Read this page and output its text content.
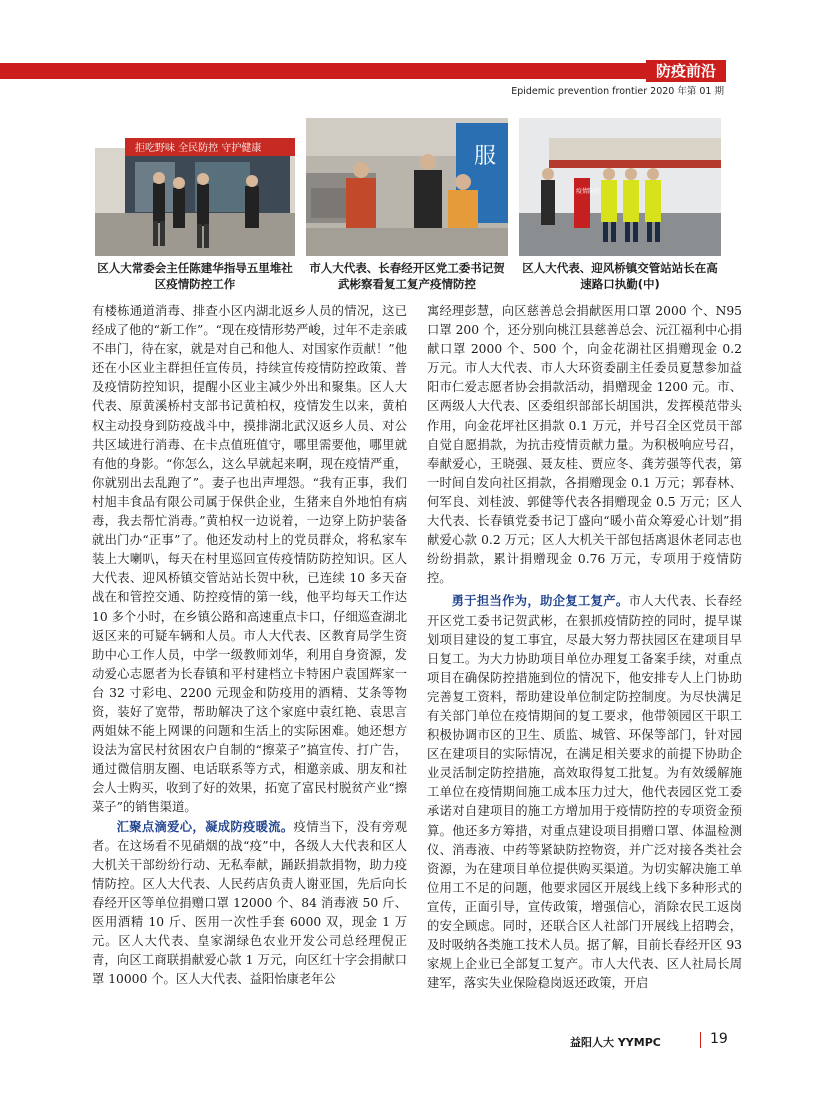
防疫前沿
Epidemic prevention frontier 2020 年第 01 期
拒吃野味 全民防控 守护健康
区人大常委会主任陈建华指导五里堆社区疫情防控工作
服
市人大代表、长春经开区党工委书记贺武彬察看复工复产疫情防控
疫情防控
区人大代表、迎风桥镇交管站站长在高速路口执勤(中)

有楼栋通道消毒、排查小区内湖北返乡人员的情况，这已经成了他的“新工作”。“现在疫情形势严峻，过年不走亲戚不串门，待在家，就是对自己和他人、对国家作贡献！”他还在小区业主群担任宣传员，持续宣传疫情防控政策、普及疫情防控知识，提醒小区业主减少外出和聚集。区人大代表、原黄溪桥村支部书记黄柏权，疫情发生以来，黄柏权主动投身到防疫战斗中，摸排湖北武汉返乡人员、对公共区域进行消毒、在卡点值班值守，哪里需要他，哪里就有他的身影。“你怎么，这么早就起来啊，现在疫情严重，你就别出去乱跑了”。妻子也出声埋怨。“我有正事，我们村旭丰食品有限公司属于保供企业，生猪来自外地怕有病毒，我去帮忙消毒。”黄柏权一边说着，一边穿上防护装备就出门办“正事”了。他还发动村上的党员群众，将私家车装上大喇叭，每天在村里巡回宣传疫情防防控知识。区人大代表、迎风桥镇交管站站长贺中秋，已连续 10 多天奋战在和管控交通、防控疫情的第一线，他平均每天工作达 10 多个小时，在乡镇公路和高速重点卡口，仔细巡查湖北返区来的可疑车辆和人员。市人大代表、区教育局学生资助中心工作人员，中学一级教师刘华，利用自身资源，发动爱心志愿者为长春镇和平村建档立卡特困户袁国辉家一台 32 寸彩电、2200 元现金和防疫用的酒精、艾条等物资，装好了宽带，帮助解决了这个家庭中袁红艳、袁思言两姐妹不能上网课的问题和生活上的实际困难。她还想方设法为富民村贫困农户自制的“擦菜子”搞宣传、打广告，通过微信朋友圈、电话联系等方式，相邀亲戚、朋友和社会人士购买，收到了好的效果，拓宽了富民村脱贫产业“擦菜子”的销售渠道。

汇聚点滴爱心，凝成防疫暖流。疫情当下，没有旁观者。在这场看不见硝烟的战“疫”中，各级人大代表和区人大机关干部纷纷行动、无私奉献，踊跃捐款捐物，助力疫情防控。区人大代表、人民药店负责人谢亚国，先后向长春经开区等单位捐赠口罩 12000 个、84 消毒液 50 斤、医用酒精 10 斤、医用一次性手套 6000 双，现金 1 万元。区人大代表、皇家湖绿色农业开发公司总经理倪正青，向区工商联捐献爱心款 1 万元，向区红十字会捐献口罩 10000 个。区人大代表、益阳怡康老年公

寓经理彭慧，向区慈善总会捐献医用口罩 2000 个、N95 口罩 200 个，还分别向桃江县慈善总会、沅江福利中心捐献口罩 2000 个、500 个，向金花湖社区捐赠现金 0.2 万元。市人大代表、市人大环资委副主任委员夏慧参加益阳市仁爱志愿者协会捐款活动，捐赠现金 1200 元。市、区两级人大代表、区委组织部部长胡国洪，发挥模范带头作用，向金花坪社区捐款 0.1 万元，并号召全区党员干部自觉自愿捐款，为抗击疫情贡献力量。为积极响应号召，奉献爱心，王晓强、聂友桂、贾应冬、龚芳强等代表，第一时间自发向社区捐款，各捐赠现金 0.1 万元；郭春林、何军良、刘桂波、郭健等代表各捐赠现金 0.5 万元；区人大代表、长春镇党委书记丁盛向“暖小苗众筹爱心计划”捐献爱心款 0.2 万元；区人大机关干部包括离退休老同志也纷纷捐款，累计捐赠现金 0.76 万元，专项用于疫情防控。

勇于担当作为，助企复工复产。市人大代表、长春经开区党工委书记贺武彬，在狠抓疫情防控的同时，提早谋划项目建设的复工事宜，尽最大努力帮扶园区在建项目早日复工。为大力协助项目单位办理复工备案手续，对重点项目在确保防控措施到位的情况下，他安排专人上门协助完善复工资料，帮助建设单位制定防控制度。为尽快满足有关部门单位在疫情期间的复工要求，他带领园区干职工积极协调市区的卫生、质监、城管、环保等部门，针对园区在建项目的实际情况，在满足相关要求的前提下协助企业灵活制定防控措施，高效取得复工批复。为有效缓解施工单位在疫情期间施工成本压力过大，他代表园区党工委承诺对自建项目的施工方增加用于疫情防控的专项资金预算。他还多方筹措，对重点建设项目捐赠口罩、体温检测仪、消毒液、中药等紧缺防控物资，并广泛对接各类社会资源，为在建项目单位提供购买渠道。为切实解决施工单位用工不足的问题，他要求园区开展线上线下多种形式的宣传，正面引导，宣传政策，增强信心，消除农民工返岗的安全顾虑。同时，还联合区人社部门开展线上招聘会，及时吸纳各类施工技术人员。据了解，目前长春经开区 93 家规上企业已全部复工复产。市人大代表、区人社局长周建军，落实失业保险稳岗返还政策，开启

益阳人大 YYMPC	19
